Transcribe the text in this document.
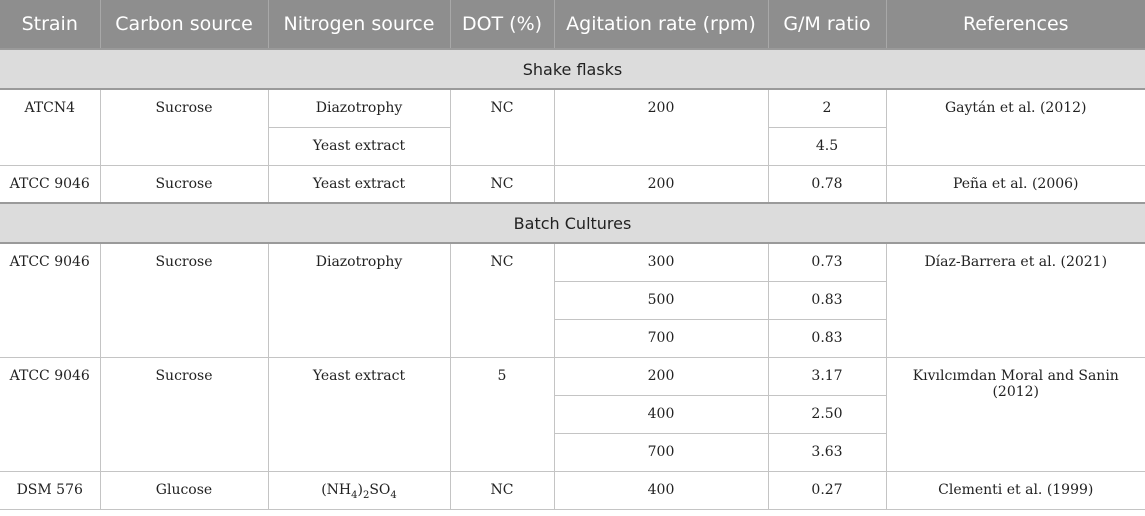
Strain	Carbon source	Nitrogen source	DOT (%)	Agitation rate (rpm)	G/M ratio	References
Shake flasks						
ATCN4	Sucrose	Diazotrophy	NC	200	2	Gaytán et al. (2012)
		Yeast extract			4.5	
ATCC 9046	Sucrose	Yeast extract	NC	200	0.78	Peña et al. (2006)
Batch Cultures						
ATCC 9046	Sucrose	Diazotrophy	NC	300	0.73	Díaz-Barrera et al. (2021)
				500	0.83	
				700	0.83	
ATCC 9046	Sucrose	Yeast extract	5	200	3.17	Kıvılcımdan Moral and Sanin (2012)
				400	2.50	
				700	3.63	
DSM 576	Glucose	$(NH_4)_2SO_4$	NC	400	0.27	Clementi et al. (1999)
